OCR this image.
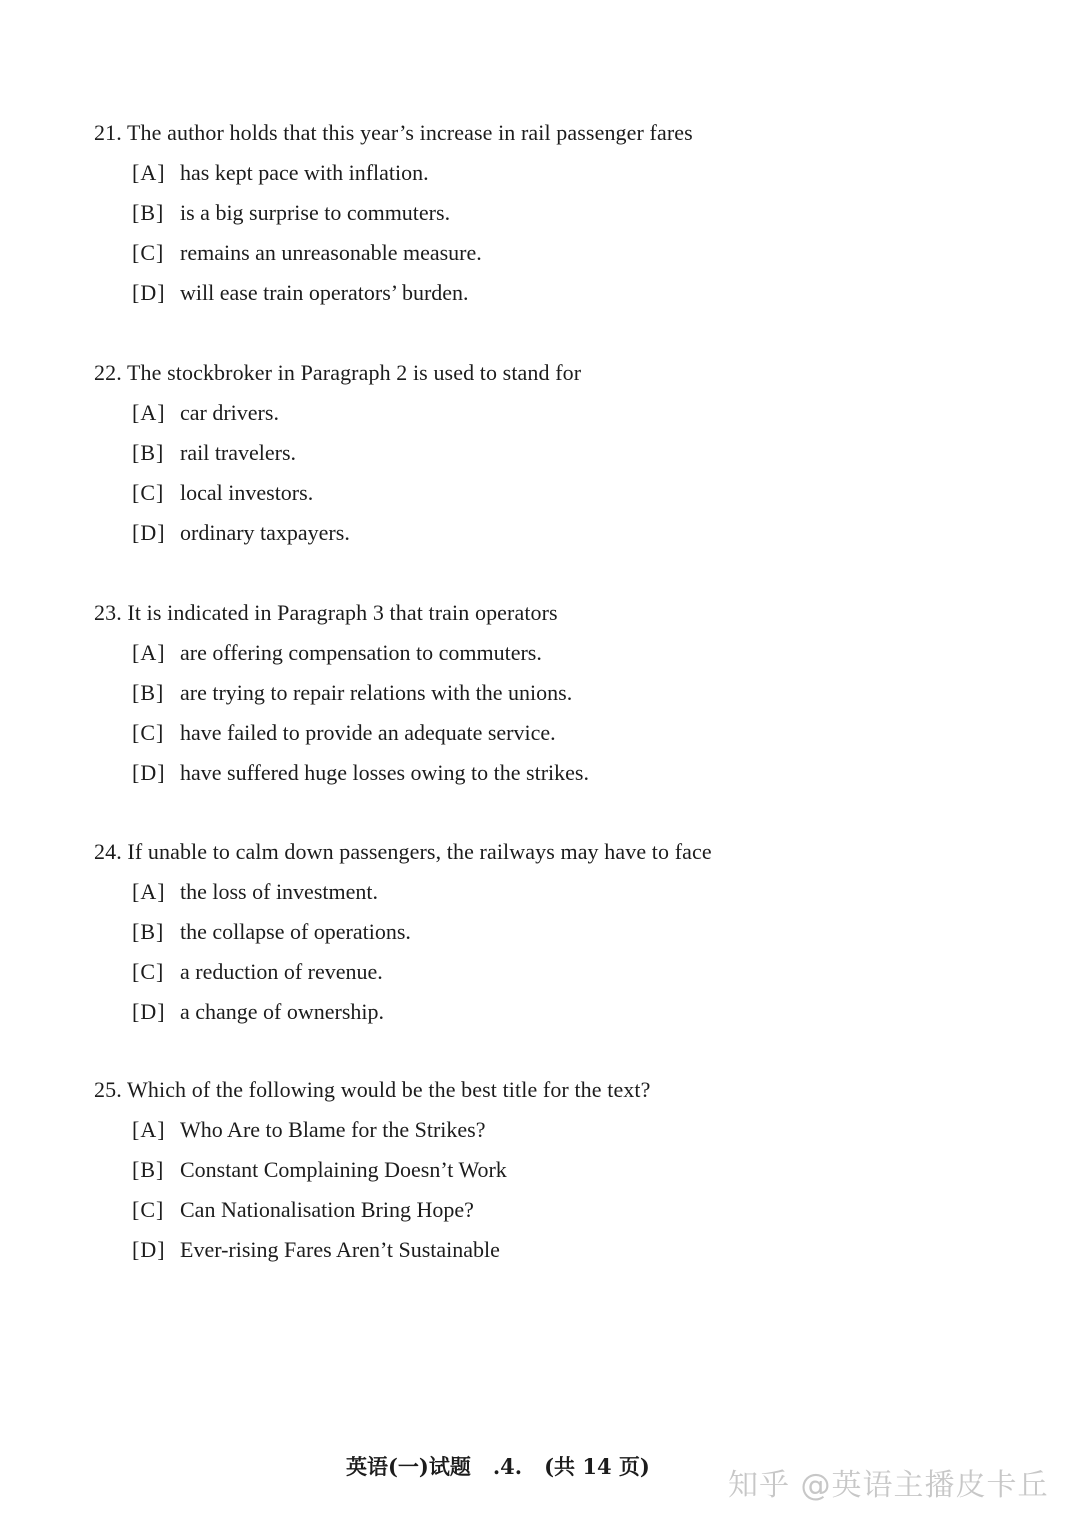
21. The author holds that this year’s increase in rail passenger fares
[A] has kept pace with inflation.
[B] is a big surprise to commuters.
[C] remains an unreasonable measure.
[D] will ease train operators’ burden.
22. The stockbroker in Paragraph 2 is used to stand for
[A] car drivers.
[B] rail travelers.
[C] local investors.
[D] ordinary taxpayers.
23. It is indicated in Paragraph 3 that train operators
[A] are offering compensation to commuters.
[B] are trying to repair relations with the unions.
[C] have failed to provide an adequate service.
[D] have suffered huge losses owing to the strikes.
24. If unable to calm down passengers, the railways may have to face
[A] the loss of investment.
[B] the collapse of operations.
[C] a reduction of revenue.
[D] a change of ownership.
25. Which of the following would be the best title for the text?
[A] Who Are to Blame for the Strikes?
[B] Constant Complaining Doesn’t Work
[C] Can Nationalisation Bring Hope?
[D] Ever-rising Fares Aren’t Sustainable
英语(一)试题 .4. (共 14 页)
知乎 @英语主播皮卡丘
